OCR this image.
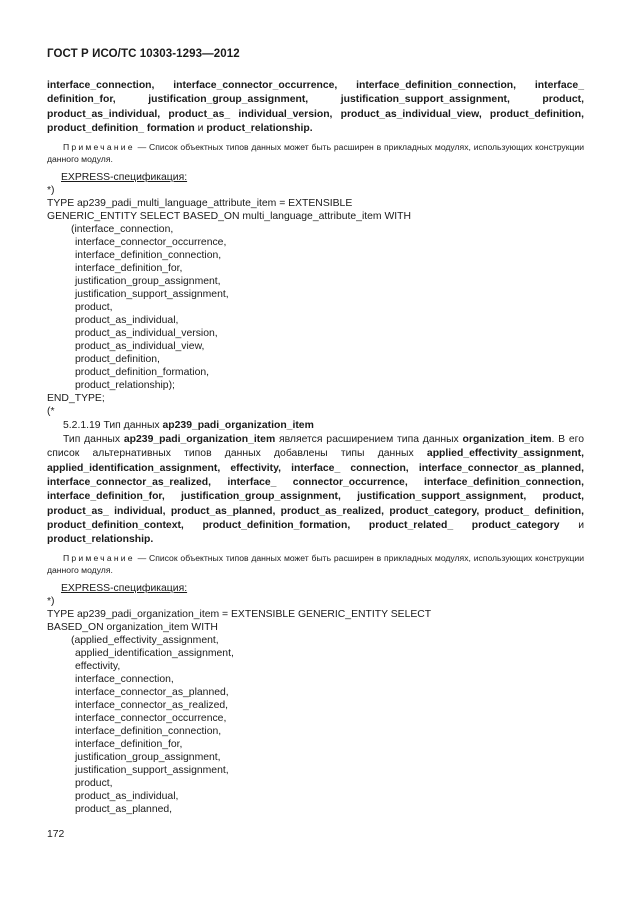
ГОСТ Р ИСО/ТС 10303-1293—2012
interface_connection, interface_connector_occurrence, interface_definition_connection, interface_ definition_for, justification_group_assignment, justification_support_assignment, product, product_as_individual, product_as_ individual_version, product_as_individual_view, product_definition, product_definition_ formation и product_relationship.
Примечание — Список объектных типов данных может быть расширен в прикладных модулях, использующих конструкции данного модуля.
EXPRESS-спецификация:
*)
TYPE ap239_padi_multi_language_attribute_item = EXTENSIBLE
GENERIC_ENTITY SELECT BASED_ON multi_language_attribute_item WITH
(interface_connection,
interface_connector_occurrence,
interface_definition_connection,
interface_definition_for,
justification_group_assignment,
justification_support_assignment,
product,
product_as_individual,
product_as_individual_version,
product_as_individual_view,
product_definition,
product_definition_formation,
product_relationship);
END_TYPE;
(*
5.2.1.19 Тип данных ap239_padi_organization_item
Тип данных ap239_padi_organization_item является расширением типа данных organization_item. В его список альтернативных типов данных добавлены типы данных applied_effectivity_assignment, applied_identification_assignment, effectivity, interface_ connection, interface_connector_as_planned, interface_connector_as_realized, interface_ connector_occurrence, interface_definition_connection, interface_definition_for, justification_group_assignment, justification_support_assignment, product, product_as_ individual, product_as_planned, product_as_realized, product_category, product_ definition, product_definition_context, product_definition_formation, product_related_ product_category и product_relationship.
Примечание — Список объектных типов данных может быть расширен в прикладных модулях, использующих конструкции данного модуля.
EXPRESS-спецификация:
*)
TYPE ap239_padi_organization_item = EXTENSIBLE GENERIC_ENTITY SELECT
BASED_ON organization_item WITH
(applied_effectivity_assignment,
applied_identification_assignment,
effectivity,
interface_connection,
interface_connector_as_planned,
interface_connector_as_realized,
interface_connector_occurrence,
interface_definition_connection,
interface_definition_for,
justification_group_assignment,
justification_support_assignment,
product,
product_as_individual,
product_as_planned,
172
